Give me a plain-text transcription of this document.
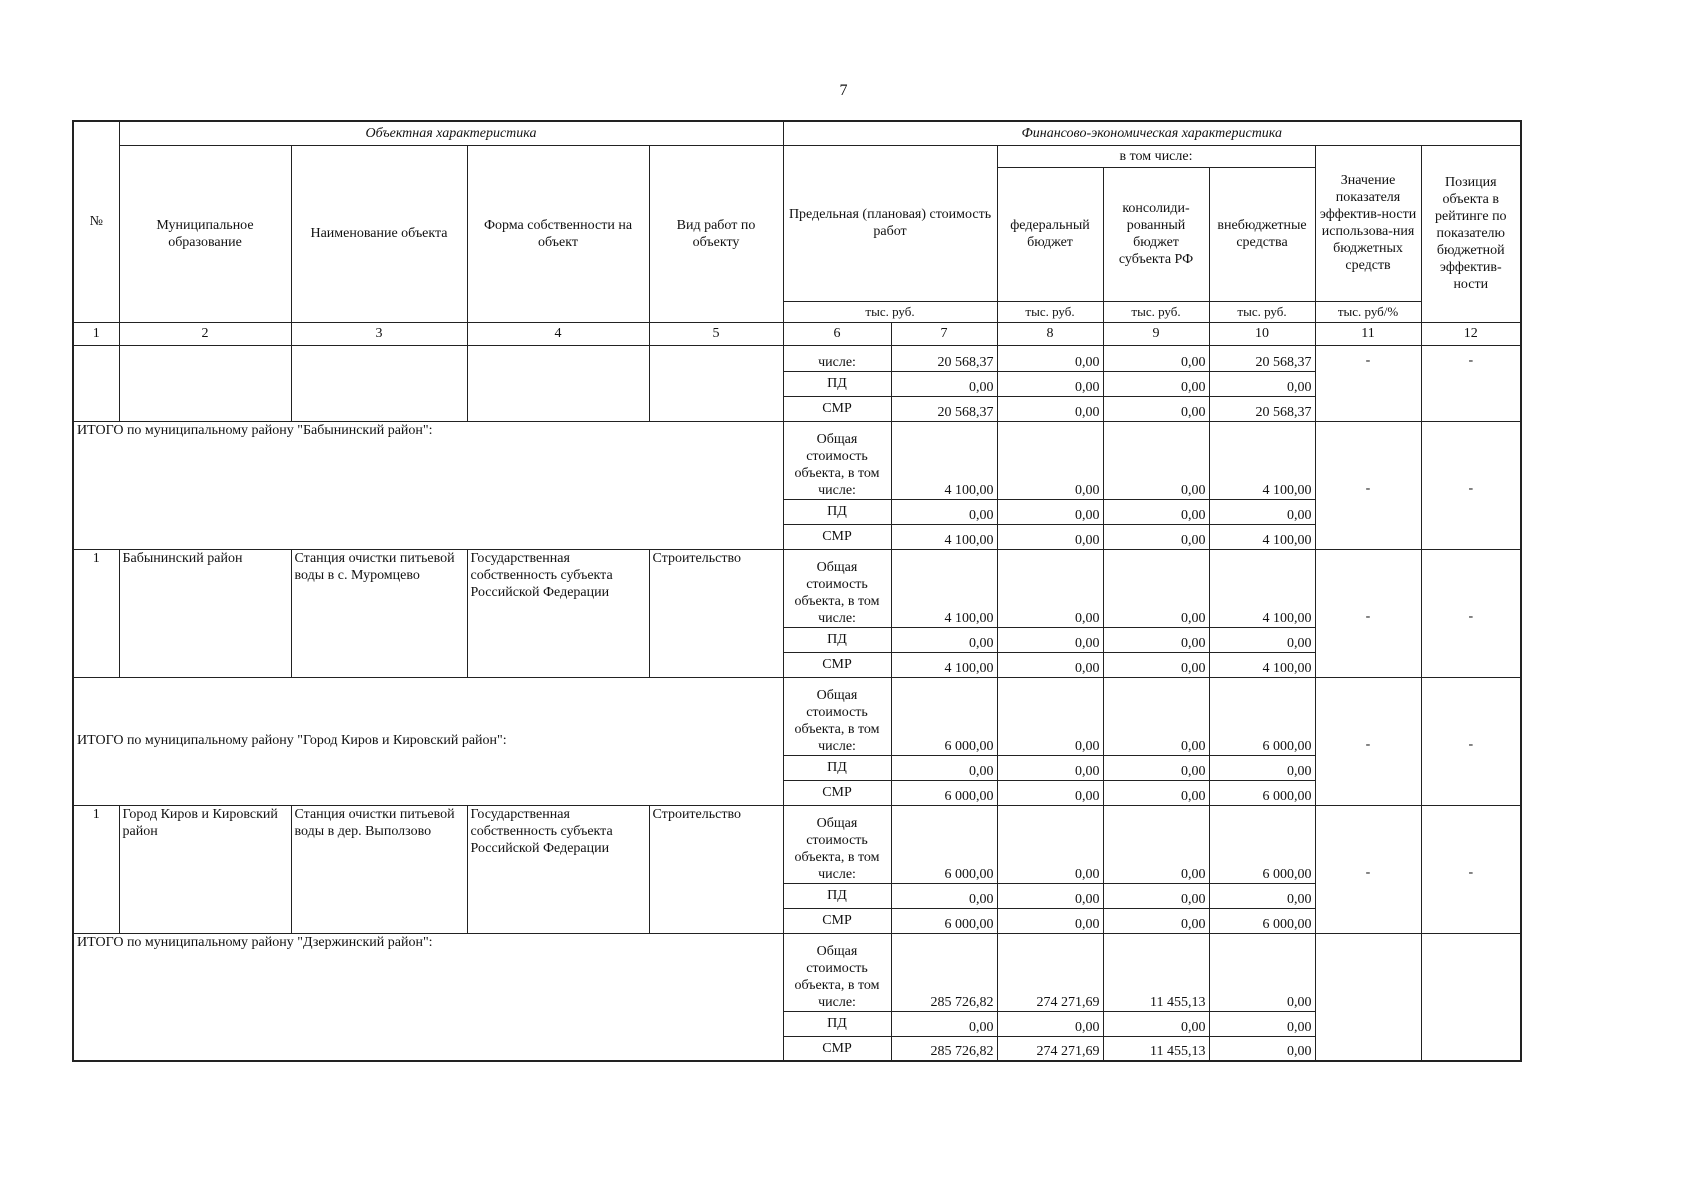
7
№	Объектная характеристика				Финансово-экономическая характеристика						
	Муниципальное образование	Наименование объекта	Форма собственности на объект	Вид работ по объекту	Предельная (плановая) стоимость работ		в том числе:			Значение показателя эффектив-ности использова-ния бюджетных средств	Позиция объекта в рейтинге по показателю бюджетной эффектив-ности
							федеральный бюджет	консолиди-рованный бюджет субъекта РФ	внебюджетные средства		
					тыс. руб.		тыс. руб.	тыс. руб.	тыс. руб.	тыс. руб/%	
1	2	3	4	5	6	7	8	9	10	11	12
					числе:	20 568,37	0,00	0,00	20 568,37	-	-
					ПД	0,00	0,00	0,00	0,00		
					СМР	20 568,37	0,00	0,00	20 568,37		
ИТОГО по муниципальному району "Бабынинский район":					Общая стоимость объекта, в том числе:	4 100,00	0,00	0,00	4 100,00	-	-
					ПД	0,00	0,00	0,00	0,00		
					СМР	4 100,00	0,00	0,00	4 100,00		
1	Бабынинский район	Станция очистки питьевой воды в с. Муромцево	Государственная собственность субъекта Российской Федерации	Строительство	Общая стоимость объекта, в том числе:	4 100,00	0,00	0,00	4 100,00	-	-
					ПД	0,00	0,00	0,00	0,00		
					СМР	4 100,00	0,00	0,00	4 100,00		
ИТОГО по муниципальному району "Город Киров и Кировский район":					Общая стоимость объекта, в том числе:	6 000,00	0,00	0,00	6 000,00	-	-
					ПД	0,00	0,00	0,00	0,00		
					СМР	6 000,00	0,00	0,00	6 000,00		
1	Город Киров и Кировский район	Станция очистки питьевой воды в дер. Выползово	Государственная собственность субъекта Российской Федерации	Строительство	Общая стоимость объекта, в том числе:	6 000,00	0,00	0,00	6 000,00	-	-
					ПД	0,00	0,00	0,00	0,00		
					СМР	6 000,00	0,00	0,00	6 000,00		
ИТОГО по муниципальному району "Дзержинский район":					Общая стоимость объекта, в том числе:	285 726,82	274 271,69	11 455,13	0,00		
					ПД	0,00	0,00	0,00	0,00		
					СМР	285 726,82	274 271,69	11 455,13	0,00		
